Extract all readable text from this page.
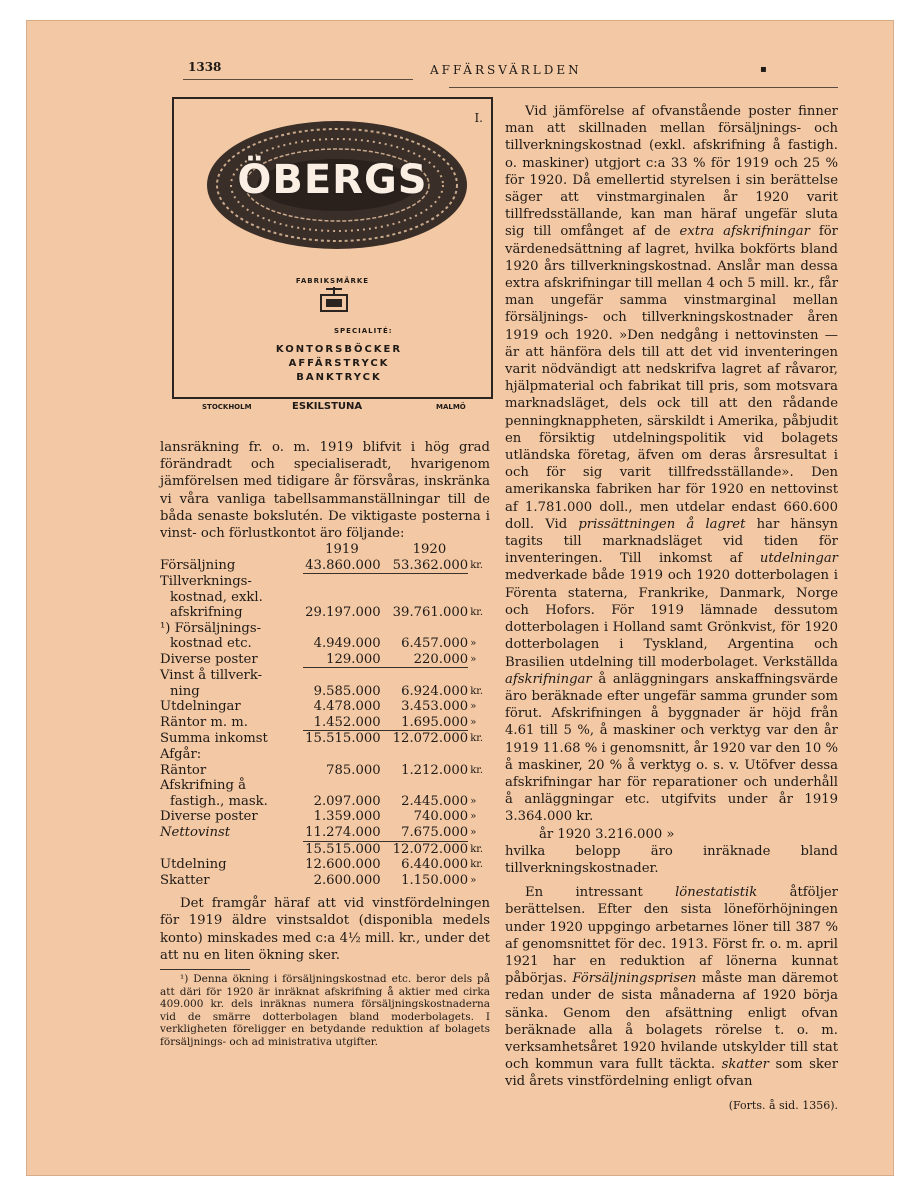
1338	AFFÄRSVÄRLDEN	▪
I.
ÖBERGS
FABRIKSMÄRKE
SPECIALITÉ:
KONTORSBÖCKER
AFFÄRSTRYCK
BANKTRYCK
STOCKHOLM	ESKILSTUNA	MALMÖ

lansräkning fr. o. m. 1919 blifvit i hög grad förändradt och specialiseradt, hvarigenom jämförelsen med tidigare år försvåras, inskränka vi våra vanliga tabellsammanställningar till de båda senaste bokslutén. De viktigaste posterna i vinst- och förlustkontot äro följande:

	1919	1920	
Försäljning	43.860.000	53.362.000	kr.
Tillverknings-			
kostnad, exkl.			
afskrifning	29.197.000	39.761.000	kr.
¹) Försäljnings-			
kostnad etc.	4.949.000	6.457.000	»
Diverse poster	129.000	220.000	»
Vinst å tillverk-			
ning	9.585.000	6.924.000	kr.
Utdelningar	4.478.000	3.453.000	»
Räntor m. m.	1.452.000	1.695.000	»
Summa inkomst	15.515.000	12.072.000	kr.
Afgår:			
Räntor	785.000	1.212.000	kr.
Afskrifning å			
fastigh., mask.	2.097.000	2.445.000	»
Diverse poster	1.359.000	740.000	»
Nettovinst	11.274.000	7.675.000	»
	15.515.000	12.072.000	kr.
Utdelning	12.600.000	6.440.000	kr.
Skatter	2.600.000	1.150.000	»

Det framgår häraf att vid vinstfördelningen för 1919 äldre vinstsaldot (disponibla medels konto) minskades med c:a 4½ mill. kr., under det att nu en liten ökning sker.

¹) Denna ökning i försäljningskostnad etc. beror dels på att däri för 1920 är inräknat afskrifning å aktier med cirka 409.000 kr. dels inräknas numera försäljningskostnaderna vid de smärre dotterbolagen bland moderbolagets. I verkligheten föreligger en betydande reduktion af bolagets försäljnings- och ad ministrativa utgifter.

Vid jämförelse af ofvanstående poster finner man att skillnaden mellan försäljnings- och tillverkningskostnad (exkl. afskrifning å fastigh. o. maskiner) utgjort c:a 33 % för 1919 och 25 % för 1920. Då emellertid styrelsen i sin berättelse säger att vinstmarginalen år 1920 varit tillfredsställande, kan man häraf ungefär sluta sig till omfånget af de extra afskrifningar för värdenedsättning af lagret, hvilka bokförts bland 1920 års tillverkningskostnad. Anslår man dessa extra afskrifningar till mellan 4 och 5 mill. kr., får man ungefär samma vinstmarginal mellan försäljnings- och tillverkningskostnader åren 1919 och 1920. »Den nedgång i nettovinsten — är att hänföra dels till att det vid inventeringen varit nödvändigt att nedskrifva lagret af råvaror, hjälpmaterial och fabrikat till pris, som motsvara marknadsläget, dels ock till att den rådande penningknappheten, särskildt i Amerika, påbjudit en försiktig utdelningspolitik vid bolagets utländska företag, äfven om deras årsresultat i och för sig varit tillfredsställande». Den amerikanska fabriken har för 1920 en nettovinst af 1.781.000 doll., men utdelar endast 660.600 doll. Vid prissättningen å lagret har hänsyn tagits till marknadsläget vid tiden för inventeringen. Till inkomst af utdelningar medverkade både 1919 och 1920 dotterbolagen i Förenta staterna, Frankrike, Danmark, Norge och Hofors. För 1919 lämnade dessutom dotterbolagen i Holland samt Grönkvist, för 1920 dotterbolagen i Tyskland, Argentina och Brasilien utdelning till moderbolaget. Verkställda afskrifningar å anläggningars anskaffningsvärde äro beräknade efter ungefär samma grunder som förut. Afskrifningen å byggnader är höjd från 4.61 till 5 %, å maskiner och verktyg var den år 1919 11.68 % i genomsnitt, år 1920 var den 10 % å maskiner, 20 % å verktyg o. s. v. Utöfver dessa afskrifningar har för reparationer och underhåll å anläggningar etc. utgifvits under år 1919 3.364.000 kr.

år 1920 3.216.000 »

hvilka belopp äro inräknade bland tillverkningskostnader.

En intressant lönestatistik åtföljer berättelsen. Efter den sista löneförhöjningen under 1920 uppgingo arbetarnes löner till 387 % af genomsnittet för dec. 1913. Först fr. o. m. april 1921 har en reduktion af lönerna kunnat påbörjas. Försäljningsprisen måste man däremot redan under de sista månaderna af 1920 börja sänka. Genom den afsättning enligt ofvan beräknade alla å bolagets rörelse t. o. m. verksamhetsåret 1920 hvilande utskylder till stat och kommun vara fullt täckta. skatter som sker vid årets vinstfördelning enligt ofvan

(Forts. å sid. 1356).
